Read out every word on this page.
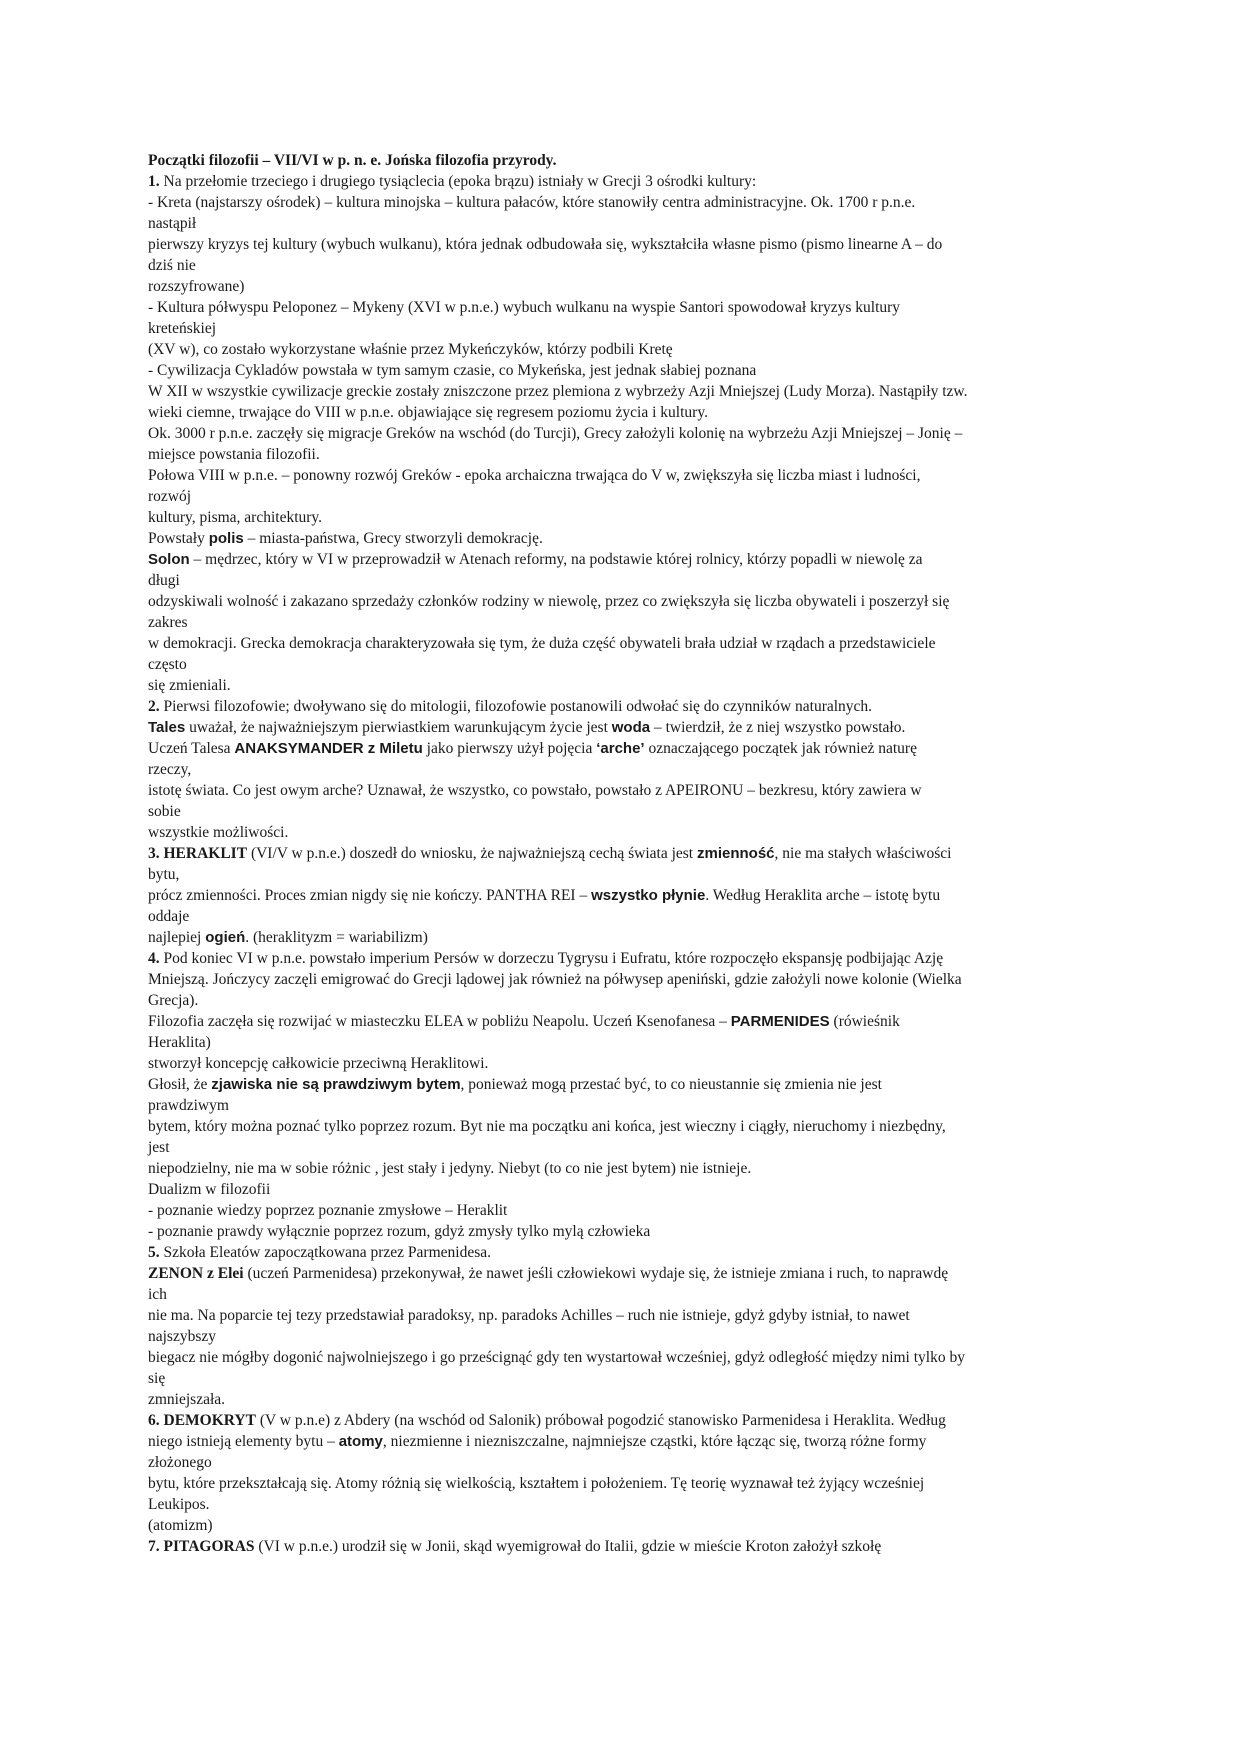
Początki filozofii – VII/VI w p. n. e. Jońska filozofia przyrody.

1. Na przełomie trzeciego i drugiego tysiąclecia (epoka brązu) istniały w Grecji 3 ośrodki kultury:

- Kreta (najstarszy ośrodek) – kultura minojska – kultura pałaców, które stanowiły centra administracyjne. Ok. 1700 r p.n.e.

nastąpił

pierwszy kryzys tej kultury (wybuch wulkanu), która jednak odbudowała się, wykształciła własne pismo (pismo linearne A – do

dziś nie

rozszyfrowane)

- Kultura półwyspu Peloponez – Mykeny (XVI w p.n.e.) wybuch wulkanu na wyspie Santori spowodował kryzys kultury

kreteńskiej

(XV w), co zostało wykorzystane właśnie przez Mykeńczyków, którzy podbili Kretę

- Cywilizacja Cykladów powstała w tym samym czasie, co Mykeńska, jest jednak słabiej poznana

W XII w wszystkie cywilizacje greckie zostały zniszczone przez plemiona z wybrzeży Azji Mniejszej (Ludy Morza). Nastąpiły tzw.

wieki ciemne, trwające do VIII w p.n.e. objawiające się regresem poziomu życia i kultury.

Ok. 3000 r p.n.e. zaczęły się migracje Greków na wschód (do Turcji), Grecy założyli kolonię na wybrzeżu Azji Mniejszej – Jonię –

miejsce powstania filozofii.

Połowa VIII w p.n.e. – ponowny rozwój Greków - epoka archaiczna trwająca do V w, zwiększyła się liczba miast i ludności,

rozwój

kultury, pisma, architektury.

Powstały polis – miasta-państwa, Grecy stworzyli demokrację.

Solon – mędrzec, który w VI w przeprowadził w Atenach reformy, na podstawie której rolnicy, którzy popadli w niewolę za

długi

odzyskiwali wolność i zakazano sprzedaży członków rodziny w niewolę, przez co zwiększyła się liczba obywateli i poszerzył się

zakres

w demokracji. Grecka demokracja charakteryzowała się tym, że duża część obywateli brała udział w rządach a przedstawiciele

często

się zmieniali.

2. Pierwsi filozofowie; dwoływano się do mitologii, filozofowie postanowili odwołać się do czynników naturalnych.

Tales uważał, że najważniejszym pierwiastkiem warunkującym życie jest woda – twierdził, że z niej wszystko powstało.

Uczeń Talesa ANAKSYMANDER z Miletu jako pierwszy użył pojęcia ‘arche’ oznaczającego początek jak również naturę

rzeczy,

istotę świata. Co jest owym arche? Uznawał, że wszystko, co powstało, powstało z APEIRONU – bezkresu, który zawiera w

sobie

wszystkie możliwości.

3. HERAKLIT (VI/V w p.n.e.) doszedł do wniosku, że najważniejszą cechą świata jest zmienność, nie ma stałych właściwości

bytu,

prócz zmienności. Proces zmian nigdy się nie kończy. PANTHA REI – wszystko płynie. Według Heraklita arche – istotę bytu

oddaje

najlepiej ogień. (heraklityzm = wariabilizm)

4. Pod koniec VI w p.n.e. powstało imperium Persów w dorzeczu Tygrysu i Eufratu, które rozpoczęło ekspansję podbijając Azję

Mniejszą. Jończycy zaczęli emigrować do Grecji lądowej jak również na półwysep apeniński, gdzie założyli nowe kolonie (Wielka

Grecja).

Filozofia zaczęła się rozwijać w miasteczku ELEA w pobliżu Neapolu. Uczeń Ksenofanesa – PARMENIDES (rówieśnik

Heraklita)

stworzył koncepcję całkowicie przeciwną Heraklitowi.

Głosił, że zjawiska nie są prawdziwym bytem, ponieważ mogą przestać być, to co nieustannie się zmienia nie jest

prawdziwym

bytem, który można poznać tylko poprzez rozum. Byt nie ma początku ani końca, jest wieczny i ciągły, nieruchomy i niezbędny,

jest

niepodzielny, nie ma w sobie różnic , jest stały i jedyny. Niebyt (to co nie jest bytem) nie istnieje.

Dualizm w filozofii

- poznanie wiedzy poprzez poznanie zmysłowe – Heraklit

- poznanie prawdy wyłącznie poprzez rozum, gdyż zmysły tylko mylą człowieka

5. Szkoła Eleatów zapoczątkowana przez Parmenidesa.

ZENON z Elei (uczeń Parmenidesa) przekonywał, że nawet jeśli człowiekowi wydaje się, że istnieje zmiana i ruch, to naprawdę

ich

nie ma. Na poparcie tej tezy przedstawiał paradoksy, np. paradoks Achilles – ruch nie istnieje, gdyż gdyby istniał, to nawet

najszybszy

biegacz nie mógłby dogonić najwolniejszego i go prześcignąć gdy ten wystartował wcześniej, gdyż odległość między nimi tylko by

się

zmniejszała.

6. DEMOKRYT (V w p.n.e) z Abdery (na wschód od Salonik) próbował pogodzić stanowisko Parmenidesa i Heraklita. Według

niego istnieją elementy bytu – atomy, niezmienne i niezniszczalne, najmniejsze cząstki, które łącząc się, tworzą różne formy

złożonego

bytu, które przekształcają się. Atomy różnią się wielkością, kształtem i położeniem. Tę teorię wyznawał też żyjący wcześniej

Leukipos.

(atomizm)

7. PITAGORAS (VI w p.n.e.) urodził się w Jonii, skąd wyemigrował do Italii, gdzie w mieście Kroton założył szkołę
